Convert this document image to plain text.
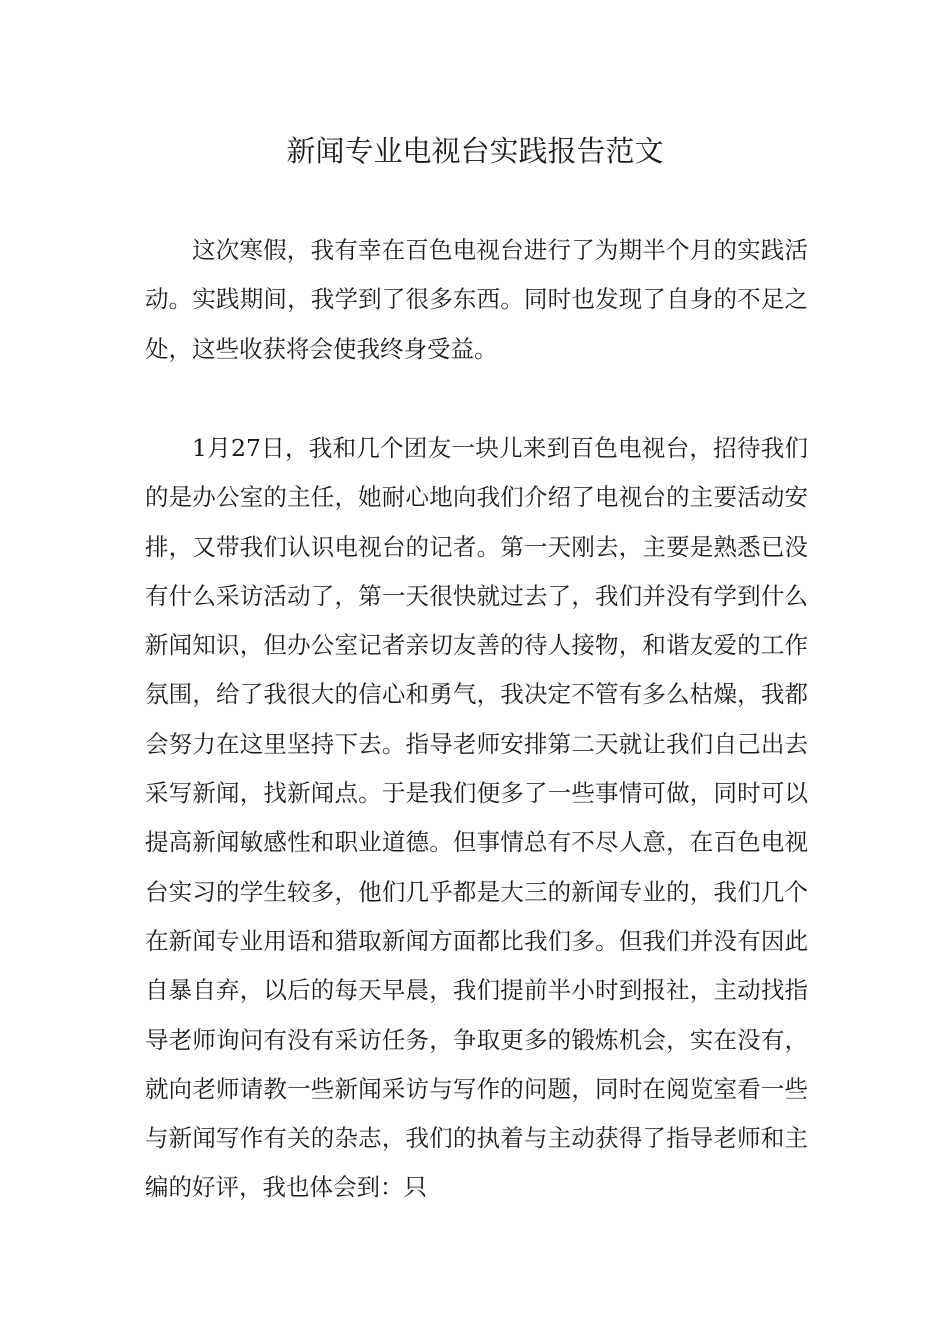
新闻专业电视台实践报告范文

这次寒假，我有幸在百色电视台进行了为期半个月的实践活动。实践期间，我学到了很多东西。同时也发现了自身的不足之处，这些收获将会使我终身受益。

1月27日，我和几个团友一块儿来到百色电视台，招待我们的是办公室的主任，她耐心地向我们介绍了电视台的主要活动安排，又带我们认识电视台的记者。第一天刚去，主要是熟悉已没有什么采访活动了，第一天很快就过去了，我们并没有学到什么新闻知识，但办公室记者亲切友善的待人接物，和谐友爱的工作氛围，给了我很大的信心和勇气，我决定不管有多么枯燥，我都会努力在这里坚持下去。指导老师安排第二天就让我们自己出去采写新闻，找新闻点。于是我们便多了一些事情可做，同时可以提高新闻敏感性和职业道德。但事情总有不尽人意，在百色电视台实习的学生较多，他们几乎都是大三的新闻专业的，我们几个在新闻专业用语和猎取新闻方面都比我们多。但我们并没有因此自暴自弃，以后的每天早晨，我们提前半小时到报社，主动找指导老师询问有没有采访任务，争取更多的锻炼机会，实在没有，就向老师请教一些新闻采访与写作的问题，同时在阅览室看一些与新闻写作有关的杂志，我们的执着与主动获得了指导老师和主编的好评，我也体会到：只
